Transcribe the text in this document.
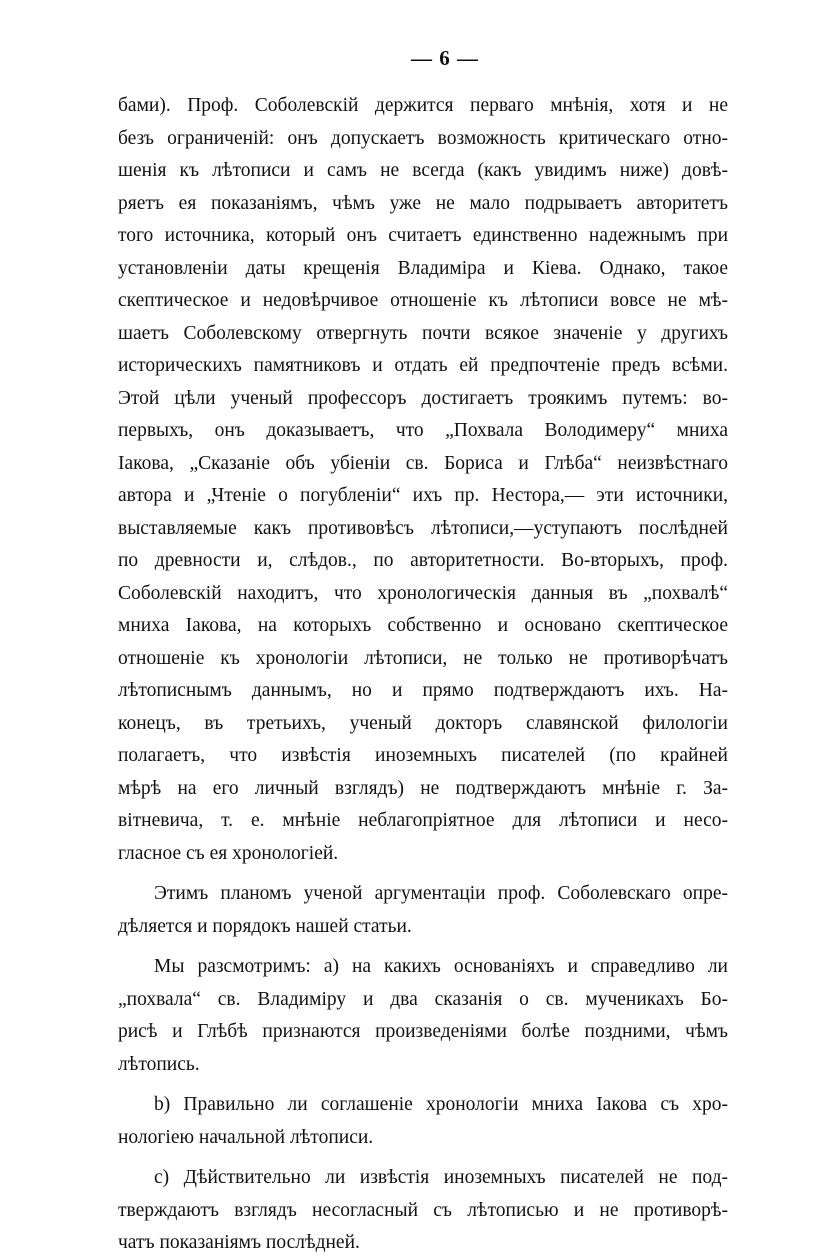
— 6 —
бами). Проф. Соболевскій держится перваго мнѣнія, хотя и не
безъ ограниченій: онъ допускаетъ возможность критическаго отно-
шенія къ лѣтописи и самъ не всегда (какъ увидимъ ниже) довѣ-
ряетъ ея показаніямъ, чѣмъ уже не мало подрываетъ авторитетъ
того источника, который онъ считаетъ единственно надежнымъ при
установленіи даты крещенія Владиміра и Кіева. Однако, такое
скептическое и недовѣрчивое отношеніе къ лѣтописи вовсе не мѣ-
шаетъ Соболевскому отвергнуть почти всякое значеніе у другихъ
историческихъ памятниковъ и отдать ей предпочтеніе предъ всѣми.
Этой цѣли ученый профессоръ достигаетъ троякимъ путемъ: во-
первыхъ, онъ доказываетъ, что „Похвала Володимеру“ мниха
Іакова, „Сказаніе объ убіеніи св. Бориса и Глѣба“ неизвѣстнаго
автора и „Чтеніе о погубленіи“ ихъ пр. Нестора,— эти источники,
выставляемые какъ противовѣсъ лѣтописи,—уступаютъ послѣдней
по древности и, слѣдов., по авторитетности. Во-вторыхъ, проф.
Соболевскій находитъ, что хронологическія данныя въ „похвалѣ“
мниха Іакова, на которыхъ собственно и основано скептическое
отношеніе къ хронологіи лѣтописи, не только не противорѣчатъ
лѣтописнымъ даннымъ, но и прямо подтверждаютъ ихъ. На-
конецъ, въ третьихъ, ученый докторъ славянской филологіи
полагаетъ, что извѣстія иноземныхъ писателей (по крайней
мѣрѣ на его личный взглядъ) не подтверждаютъ мнѣніе г. За-
вітневича, т. е. мнѣніе неблагопріятное для лѣтописи и несо-
гласное съ ея хронологіей.
Этимъ планомъ ученой аргументаціи проф. Соболевскаго опре-
дѣляется и порядокъ нашей статьи.
Мы разсмотримъ: а) на какихъ основаніяхъ и справедливо ли
„похвала“ св. Владиміру и два сказанія о св. мученикахъ Бо-
рисѣ и Глѣбѣ признаются произведеніями болѣе поздними, чѣмъ
лѣтопись.
b) Правильно ли соглашеніе хронологіи мниха Іакова съ хро-
нологіею начальной лѣтописи.
c) Дѣйствительно ли извѣстія иноземныхъ писателей не под-
тверждаютъ взглядъ несогласный съ лѣтописью и не противорѣ-
чатъ показаніямъ послѣдней.
